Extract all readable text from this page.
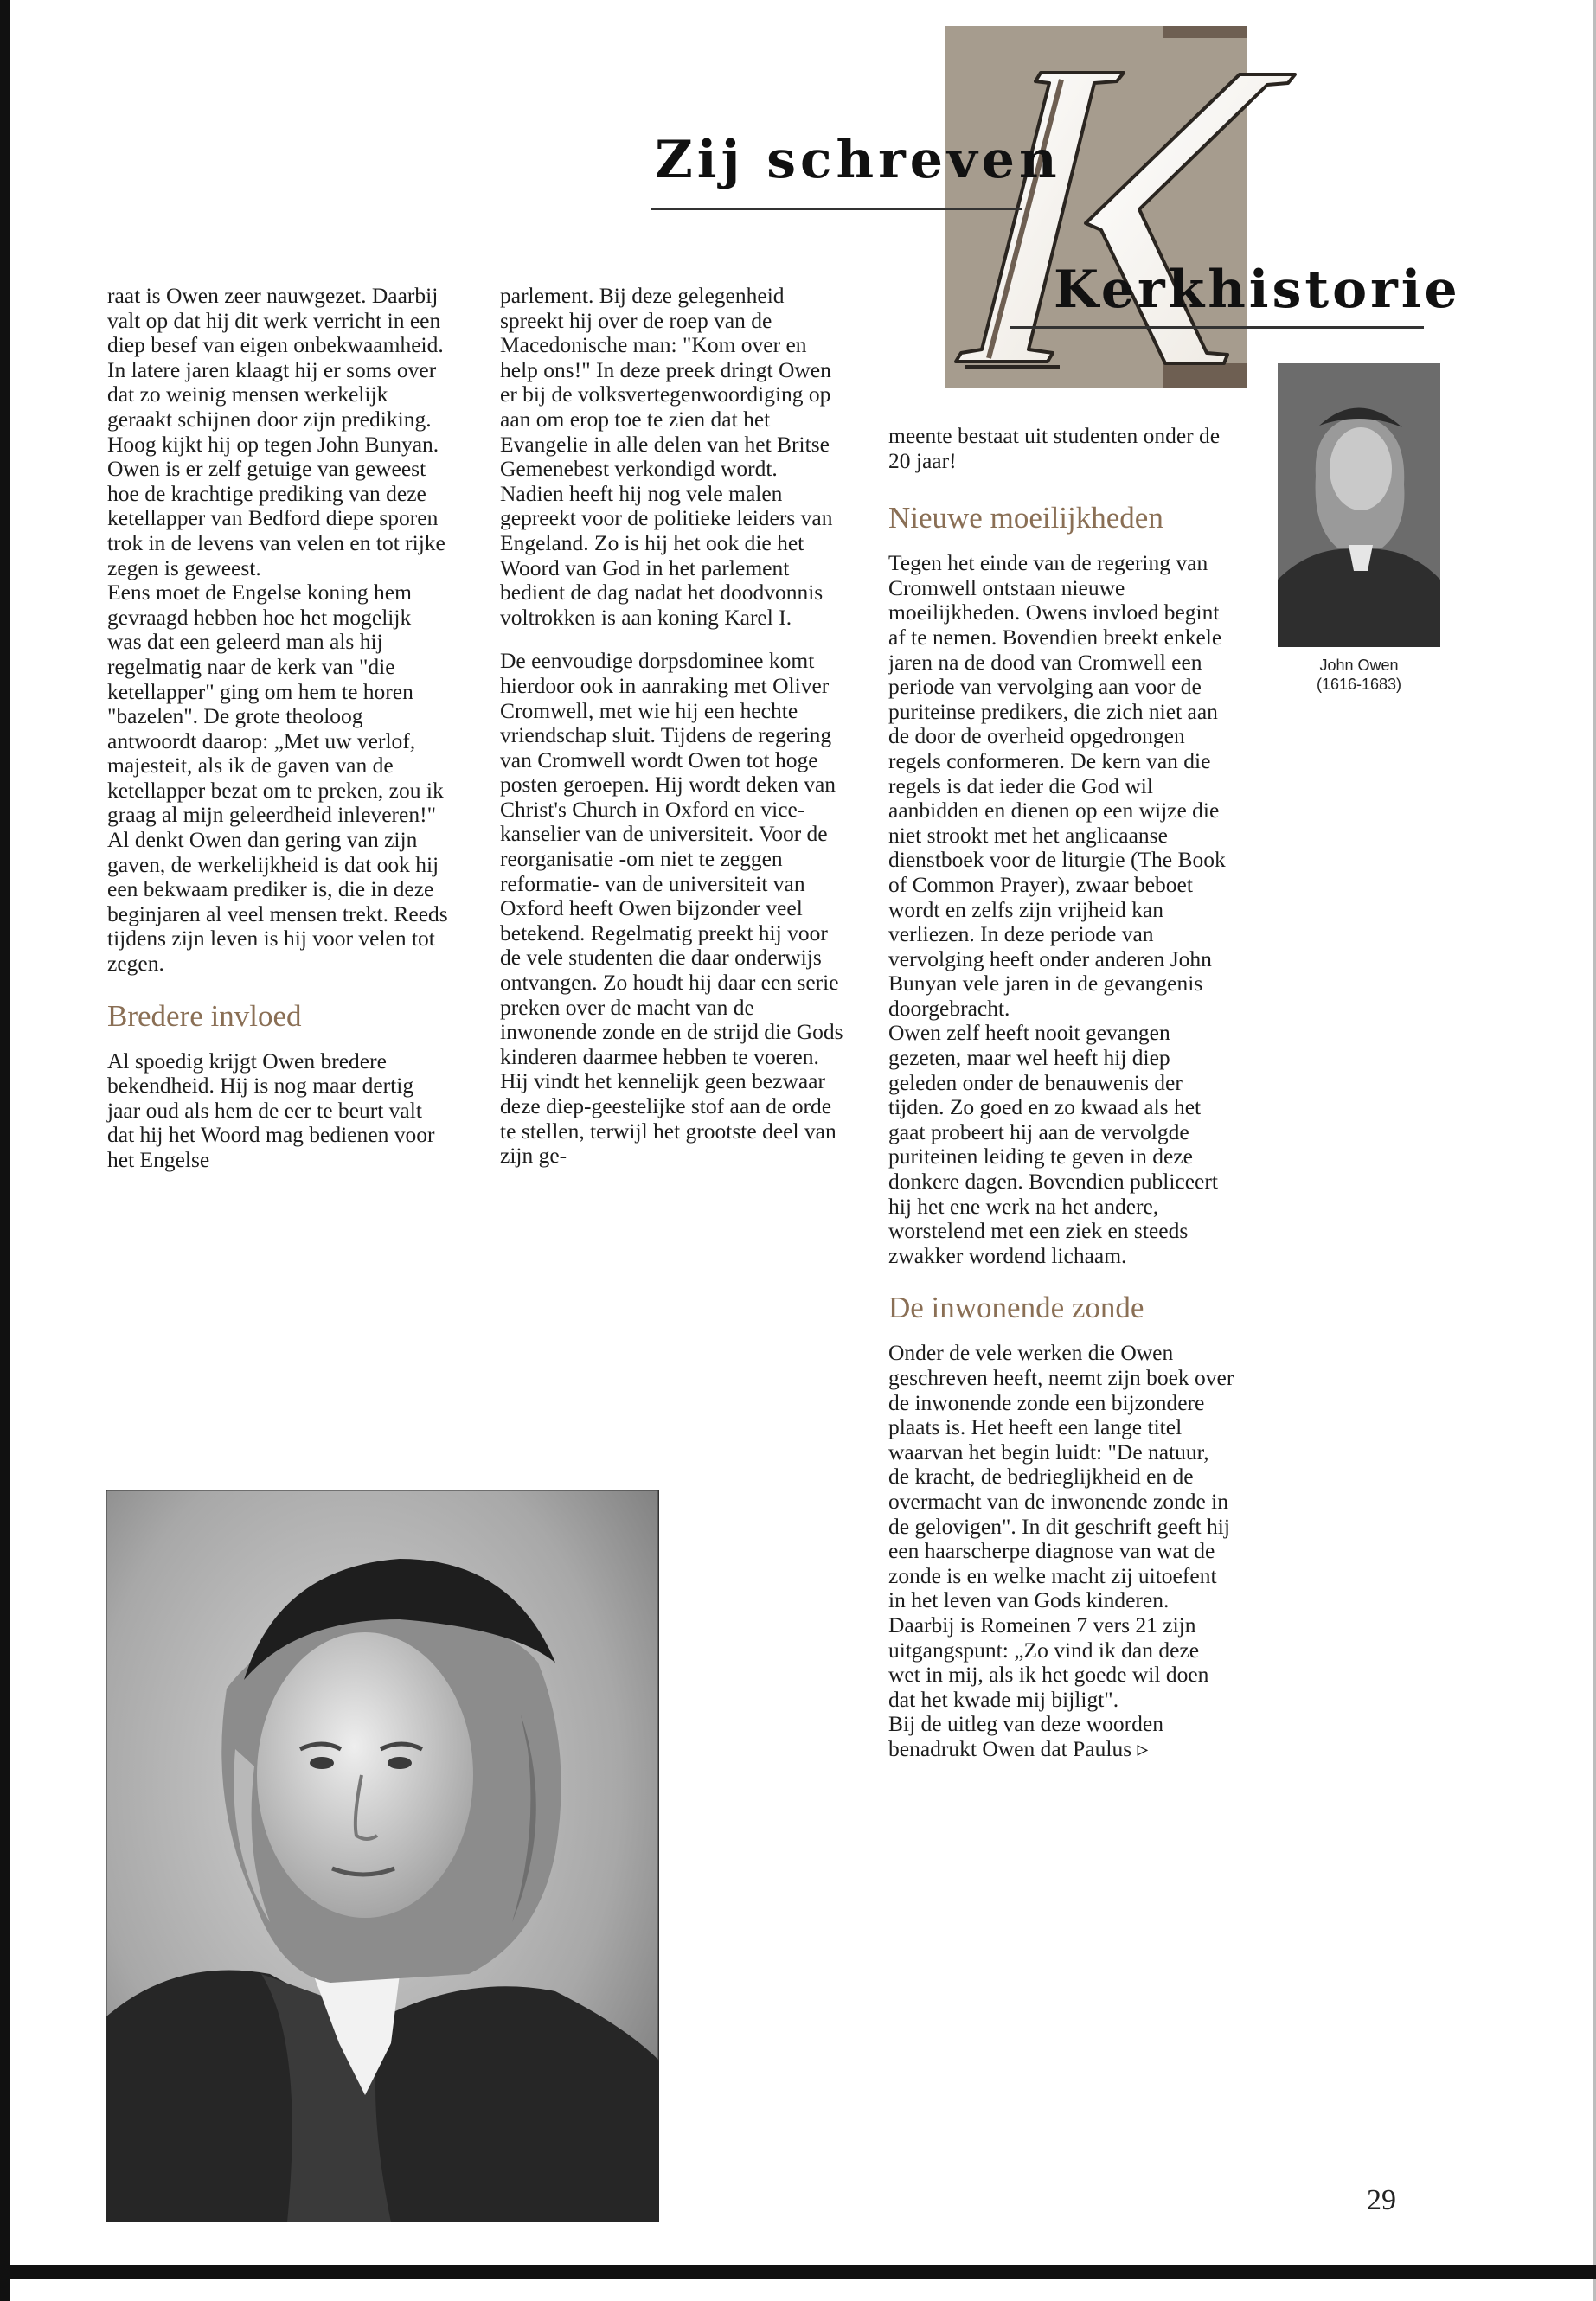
Zij schreven
Kerkhistorie
John Owen
(1616-1683)

raat is Owen zeer nauwgezet. Daarbij valt op dat hij dit werk verricht in een diep besef van eigen onbekwaamheid. In latere jaren klaagt hij er soms over dat zo weinig mensen werkelijk geraakt schijnen door zijn prediking. Hoog kijkt hij op tegen John Bunyan. Owen is er zelf getuige van geweest hoe de krachtige prediking van deze ketellapper van Bedford diepe sporen trok in de levens van velen en tot rijke zegen is geweest.

Eens moet de Engelse koning hem gevraagd hebben hoe het mogelijk was dat een geleerd man als hij regelmatig naar de kerk van "die ketellapper" ging om hem te horen "bazelen". De grote theoloog antwoordt daarop: „Met uw verlof, majesteit, als ik de gaven van de ketellapper bezat om te preken, zou ik graag al mijn geleerdheid inleveren!"

Al denkt Owen dan gering van zijn gaven, de werkelijkheid is dat ook hij een bekwaam prediker is, die in deze beginjaren al veel mensen trekt. Reeds tijdens zijn leven is hij voor velen tot zegen.

Bredere invloed

Al spoedig krijgt Owen bredere bekendheid. Hij is nog maar dertig jaar oud als hem de eer te beurt valt dat hij het Woord mag bedienen voor het Engelse

parlement. Bij deze gelegenheid spreekt hij over de roep van de Macedonische man: "Kom over en help ons!" In deze preek dringt Owen er bij de volksvertegenwoordiging op aan om erop toe te zien dat het Evangelie in alle delen van het Britse Gemenebest verkondigd wordt. Nadien heeft hij nog vele malen gepreekt voor de politieke leiders van Engeland. Zo is hij het ook die het Woord van God in het parlement bedient de dag nadat het doodvonnis voltrokken is aan koning Karel I.

De eenvoudige dorpsdominee komt hierdoor ook in aanraking met Oliver Cromwell, met wie hij een hechte vriendschap sluit. Tijdens de regering van Cromwell wordt Owen tot hoge posten geroepen. Hij wordt deken van Christ's Church in Oxford en vice-kanselier van de universiteit. Voor de reorganisatie -om niet te zeggen reformatie- van de universiteit van Oxford heeft Owen bijzonder veel betekend. Regelmatig preekt hij voor de vele studenten die daar onderwijs ontvangen. Zo houdt hij daar een serie preken over de macht van de inwonende zonde en de strijd die Gods kinderen daarmee hebben te voeren. Hij vindt het kennelijk geen bezwaar deze diep-geestelijke stof aan de orde te stellen, terwijl het grootste deel van zijn ge-

meente bestaat uit studenten onder de 20 jaar!

Nieuwe moeilijkheden

Tegen het einde van de regering van Cromwell ontstaan nieuwe moeilijkheden. Owens invloed begint af te nemen. Bovendien breekt enkele jaren na de dood van Cromwell een periode van vervolging aan voor de puriteinse predikers, die zich niet aan de door de overheid opgedrongen regels conformeren. De kern van die regels is dat ieder die God wil aanbidden en dienen op een wijze die niet strookt met het anglicaanse dienstboek voor de liturgie (The Book of Common Prayer), zwaar beboet wordt en zelfs zijn vrijheid kan verliezen. In deze periode van vervolging heeft onder anderen John Bunyan vele jaren in de gevangenis doorgebracht.

Owen zelf heeft nooit gevangen gezeten, maar wel heeft hij diep geleden onder de benauwenis der tijden. Zo goed en zo kwaad als het gaat probeert hij aan de vervolgde puriteinen leiding te geven in deze donkere dagen. Bovendien publiceert hij het ene werk na het andere, worstelend met een ziek en steeds zwakker wordend lichaam.

De inwonende zonde

Onder de vele werken die Owen geschreven heeft, neemt zijn boek over de inwonende zonde een bijzondere plaats is. Het heeft een lange titel waarvan het begin luidt: "De natuur, de kracht, de bedrieglijkheid en de overmacht van de inwonende zonde in de gelovigen". In dit geschrift geeft hij een haarscherpe diagnose van wat de zonde is en welke macht zij uitoefent in het leven van Gods kinderen. Daarbij is Romeinen 7 vers 21 zijn uitgangspunt: „Zo vind ik dan deze wet in mij, als ik het goede wil doen dat het kwade mij bijligt".

Bij de uitleg van deze woorden benadrukt Owen dat Paulus ▹

29
